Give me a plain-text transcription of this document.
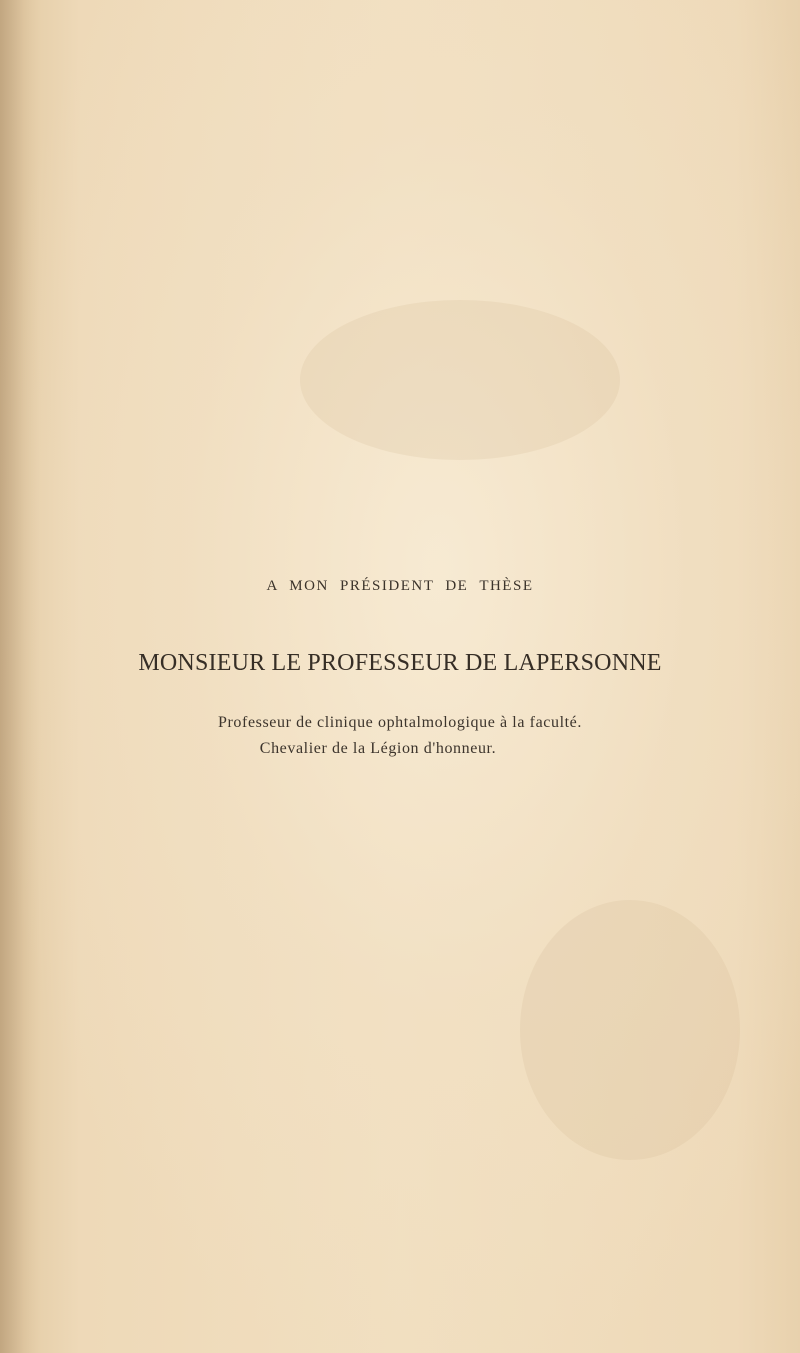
A MON PRÉSIDENT DE THÈSE
MONSIEUR LE PROFESSEUR DE LAPERSONNE
Professeur de clinique ophtalmologique à la faculté.
Chevalier de la Légion d'honneur.
